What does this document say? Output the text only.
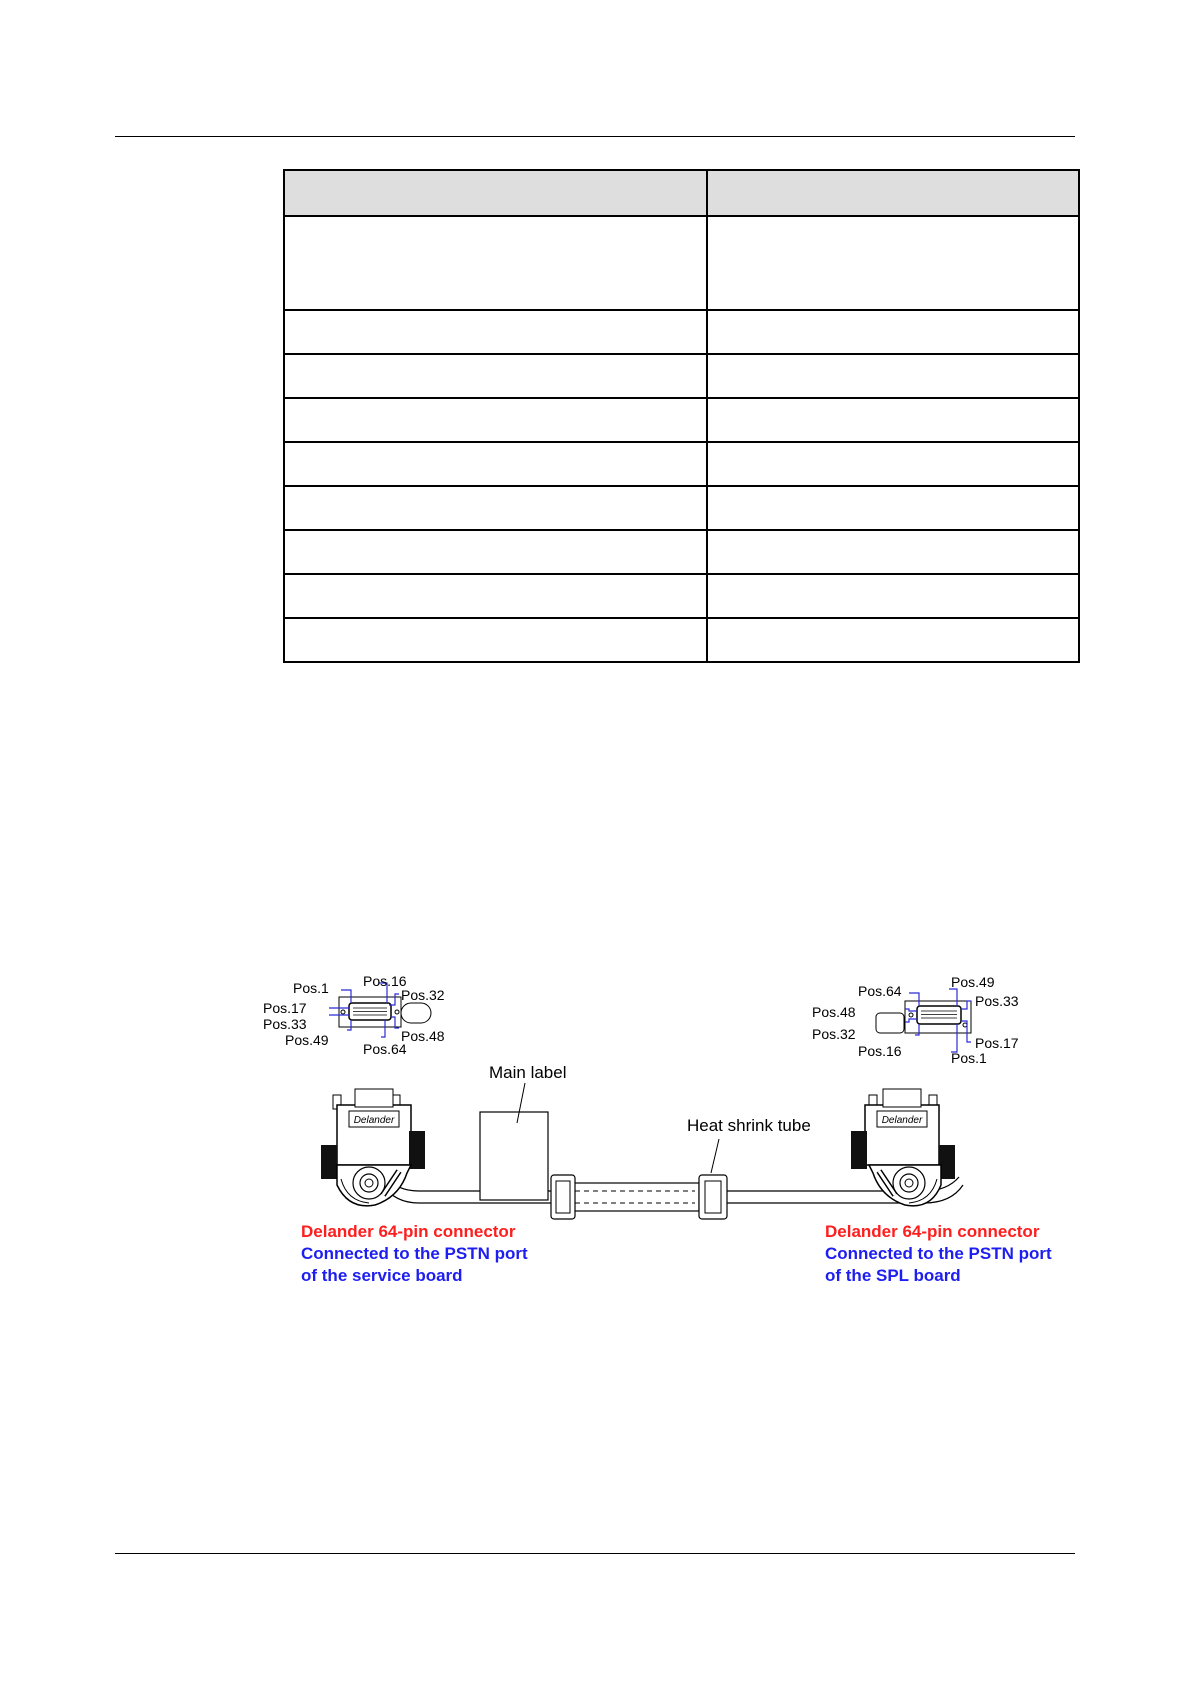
Pos.1 Pos.16
Pos.32
Pos.17
Pos.33
Pos.49	Pos.48
Pos.64
Pos.64
Pos.49
Pos.33
Pos.48
Pos.32
Pos.16	Pos.17
Pos.1
Main label
Heat shrink tube
Delander	Delander
Delander 64-pin connector
Connected to the PSTN port
of the service board
Delander 64-pin connector
Connected to the PSTN port
of the SPL board
